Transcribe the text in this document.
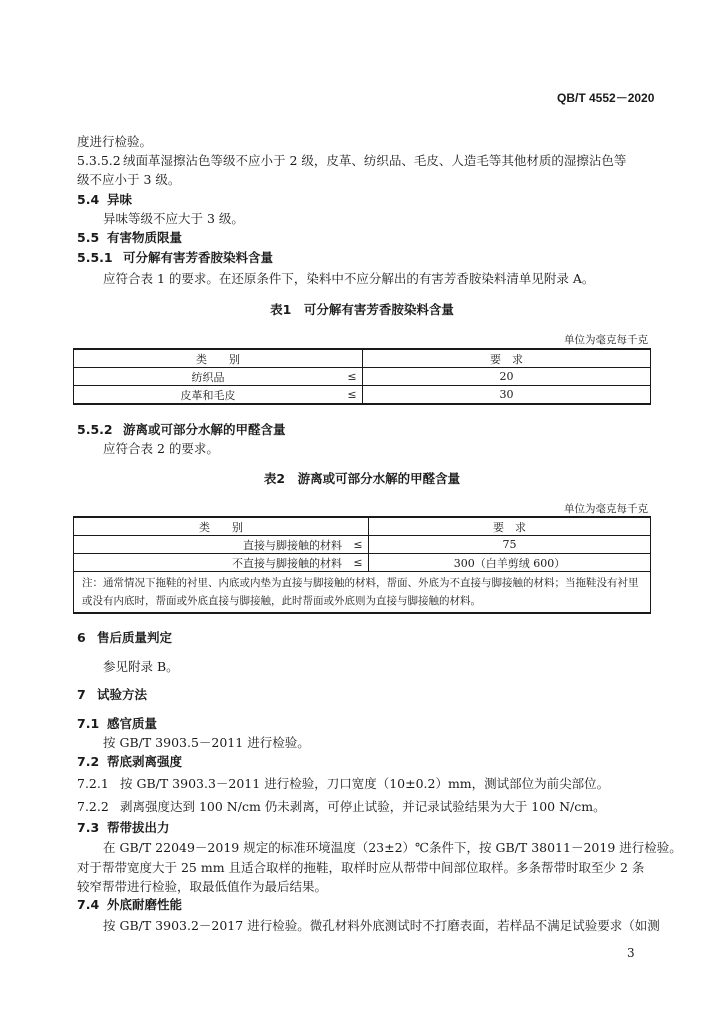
QB/T 4552－2020
度进行检验。
5.3.5.2 绒面革湿擦沾色等级不应小于 2 级，皮革、纺织品、毛皮、人造毛等其他材质的湿擦沾色等
级不应小于 3 级。
5.4 异味
异味等级不应大于 3 级。
5.5 有害物质限量
5.5.1 可分解有害芳香胺染料含量
应符合表 1 的要求。在还原条件下，染料中不应分解出的有害芳香胺染料清单见附录 A。
表1　可分解有害芳香胺染料含量
单位为毫克每千克
类　　别		要　求
纺织品	≤	20
皮革和毛皮	≤	30
5.5.2 游离或可部分水解的甲醛含量
应符合表 2 的要求。
表2　游离或可部分水解的甲醛含量
单位为毫克每千克
类　　别		要　求
直接与脚接触的材料	≤	75
不直接与脚接触的材料	≤	300（白羊剪绒 600）
注：通常情况下拖鞋的衬里、内底或内垫为直接与脚接触的材料，帮面、外底为不直接与脚接触的材料；当拖鞋没有衬里或没有内底时，帮面或外底直接与脚接触，此时帮面或外底则为直接与脚接触的材料。		
6 售后质量判定
参见附录 B。
7 试验方法
7.1 感官质量
按 GB/T 3903.5－2011 进行检验。
7.2 帮底剥离强度
7.2.1 按 GB/T 3903.3－2011 进行检验，刀口宽度（10±0.2）mm，测试部位为前尖部位。
7.2.2 剥离强度达到 100 N/cm 仍未剥离，可停止试验，并记录试验结果为大于 100 N/cm。
7.3 帮带拔出力
在 GB/T 22049－2019 规定的标准环境温度（23±2）℃条件下，按 GB/T 38011－2019 进行检验。
对于帮带宽度大于 25 mm 且适合取样的拖鞋，取样时应从帮带中间部位取样。多条帮带时取至少 2 条
较窄帮带进行检验，取最低值作为最后结果。
7.4 外底耐磨性能
按 GB/T 3903.2－2017 进行检验。微孔材料外底测试时不打磨表面，若样品不满足试验要求（如测
3
